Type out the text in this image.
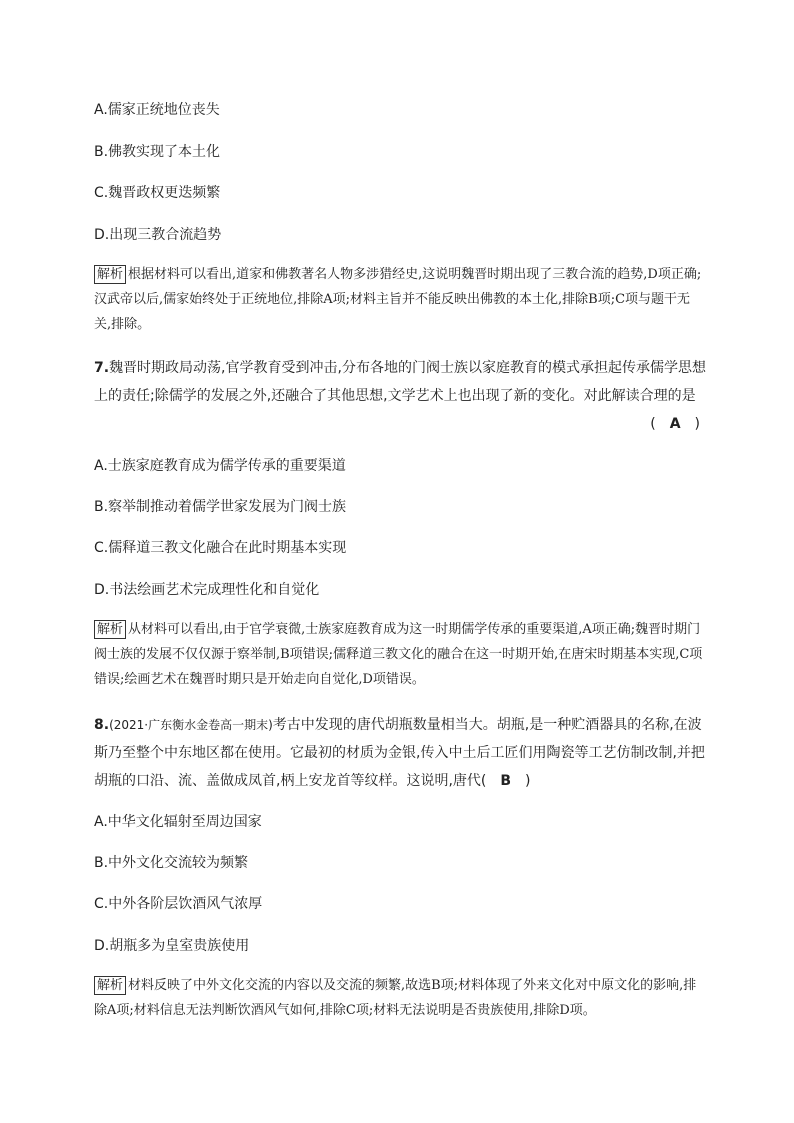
A.儒家正统地位丧失
B.佛教实现了本土化
C.魏晋政权更迭频繁
D.出现三教合流趋势
解析 根据材料可以看出,道家和佛教著名人物多涉猎经史,这说明魏晋时期出现了三教合流的趋势,D项正确;汉武帝以后,儒家始终处于正统地位,排除A项;材料主旨并不能反映出佛教的本土化,排除B项;C项与题干无关,排除。
7.魏晋时期政局动荡,官学教育受到冲击,分布各地的门阀士族以家庭教育的模式承担起传承儒学思想上的责任;除儒学的发展之外,还融合了其他思想,文学艺术上也出现了新的变化。对此解读合理的是
(  A  )
A.士族家庭教育成为儒学传承的重要渠道
B.察举制推动着儒学世家发展为门阀士族
C.儒释道三教文化融合在此时期基本实现
D.书法绘画艺术完成理性化和自觉化
解析 从材料可以看出,由于官学衰微,士族家庭教育成为这一时期儒学传承的重要渠道,A项正确;魏晋时期门阀士族的发展不仅仅源于察举制,B项错误;儒释道三教文化的融合在这一时期开始,在唐宋时期基本实现,C项错误;绘画艺术在魏晋时期只是开始走向自觉化,D项错误。
8.(2021·广东衡水金卷高一期末)考古中发现的唐代胡瓶数量相当大。胡瓶,是一种贮酒器具的名称,在波斯乃至整个中东地区都在使用。它最初的材质为金银,传入中土后工匠们用陶瓷等工艺仿制改制,并把胡瓶的口沿、流、盖做成凤首,柄上安龙首等纹样。这说明,唐代(  B  )
A.中华文化辐射至周边国家
B.中外文化交流较为频繁
C.中外各阶层饮酒风气浓厚
D.胡瓶多为皇室贵族使用
解析 材料反映了中外文化交流的内容以及交流的频繁,故选B项;材料体现了外来文化对中原文化的影响,排除A项;材料信息无法判断饮酒风气如何,排除C项;材料无法说明是否贵族使用,排除D项。
